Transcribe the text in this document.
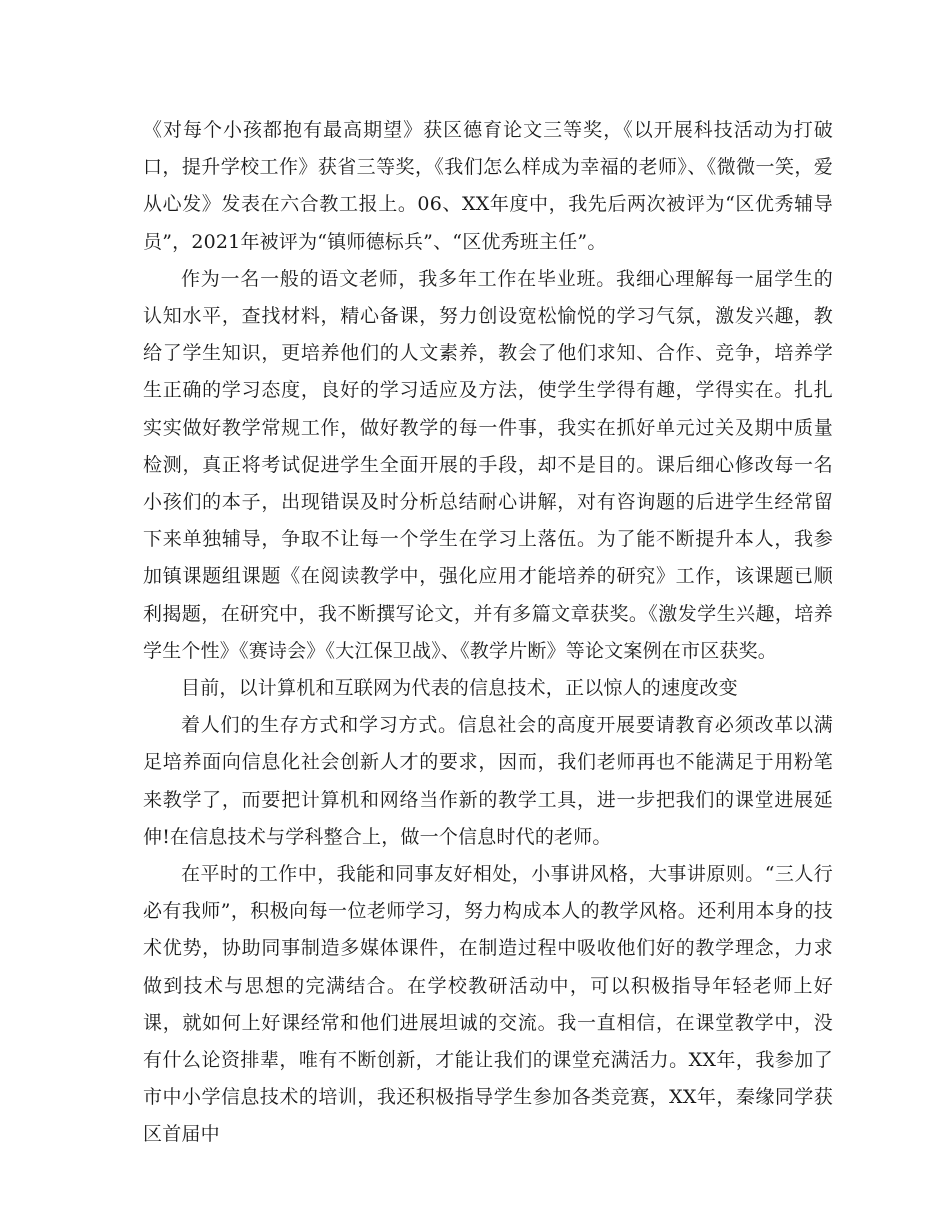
《对每个小孩都抱有最高期望》获区德育论文三等奖，《以开展科技活动为打破口，提升学校工作》获省三等奖，《我们怎么样成为幸福的老师》、《微微一笑，爱从心发》发表在六合教工报上。06、XX年度中，我先后两次被评为“区优秀辅导员”，2021年被评为“镇师德标兵”、“区优秀班主任”。

作为一名一般的语文老师，我多年工作在毕业班。我细心理解每一届学生的认知水平，查找材料，精心备课，努力创设宽松愉悦的学习气氛，激发兴趣，教给了学生知识，更培养他们的人文素养，教会了他们求知、合作、竞争，培养学生正确的学习态度，良好的学习适应及方法，使学生学得有趣，学得实在。扎扎实实做好教学常规工作，做好教学的每一件事，我实在抓好单元过关及期中质量检测，真正将考试促进学生全面开展的手段，却不是目的。课后细心修改每一名小孩们的本子，出现错误及时分析总结耐心讲解，对有咨询题的后进学生经常留下来单独辅导，争取不让每一个学生在学习上落伍。为了能不断提升本人，我参加镇课题组课题《在阅读教学中，强化应用才能培养的研究》工作，该课题已顺利揭题，在研究中，我不断撰写论文，并有多篇文章获奖。《激发学生兴趣，培养学生个性》《赛诗会》《大江保卫战》、《教学片断》等论文案例在市区获奖。

目前，以计算机和互联网为代表的信息技术，正以惊人的速度改变

着人们的生存方式和学习方式。信息社会的高度开展要请教育必须改革以满足培养面向信息化社会创新人才的要求，因而，我们老师再也不能满足于用粉笔来教学了，而要把计算机和网络当作新的教学工具，进一步把我们的课堂进展延伸!在信息技术与学科整合上，做一个信息时代的老师。

在平时的工作中，我能和同事友好相处，小事讲风格，大事讲原则。“三人行必有我师”，积极向每一位老师学习，努力构成本人的教学风格。还利用本身的技术优势，协助同事制造多媒体课件，在制造过程中吸收他们好的教学理念，力求做到技术与思想的完满结合。在学校教研活动中，可以积极指导年轻老师上好课，就如何上好课经常和他们进展坦诚的交流。我一直相信，在课堂教学中，没有什么论资排辈，唯有不断创新，才能让我们的课堂充满活力。XX年，我参加了市中小学信息技术的培训，我还积极指导学生参加各类竞赛，XX年，秦缘同学获区首届中
